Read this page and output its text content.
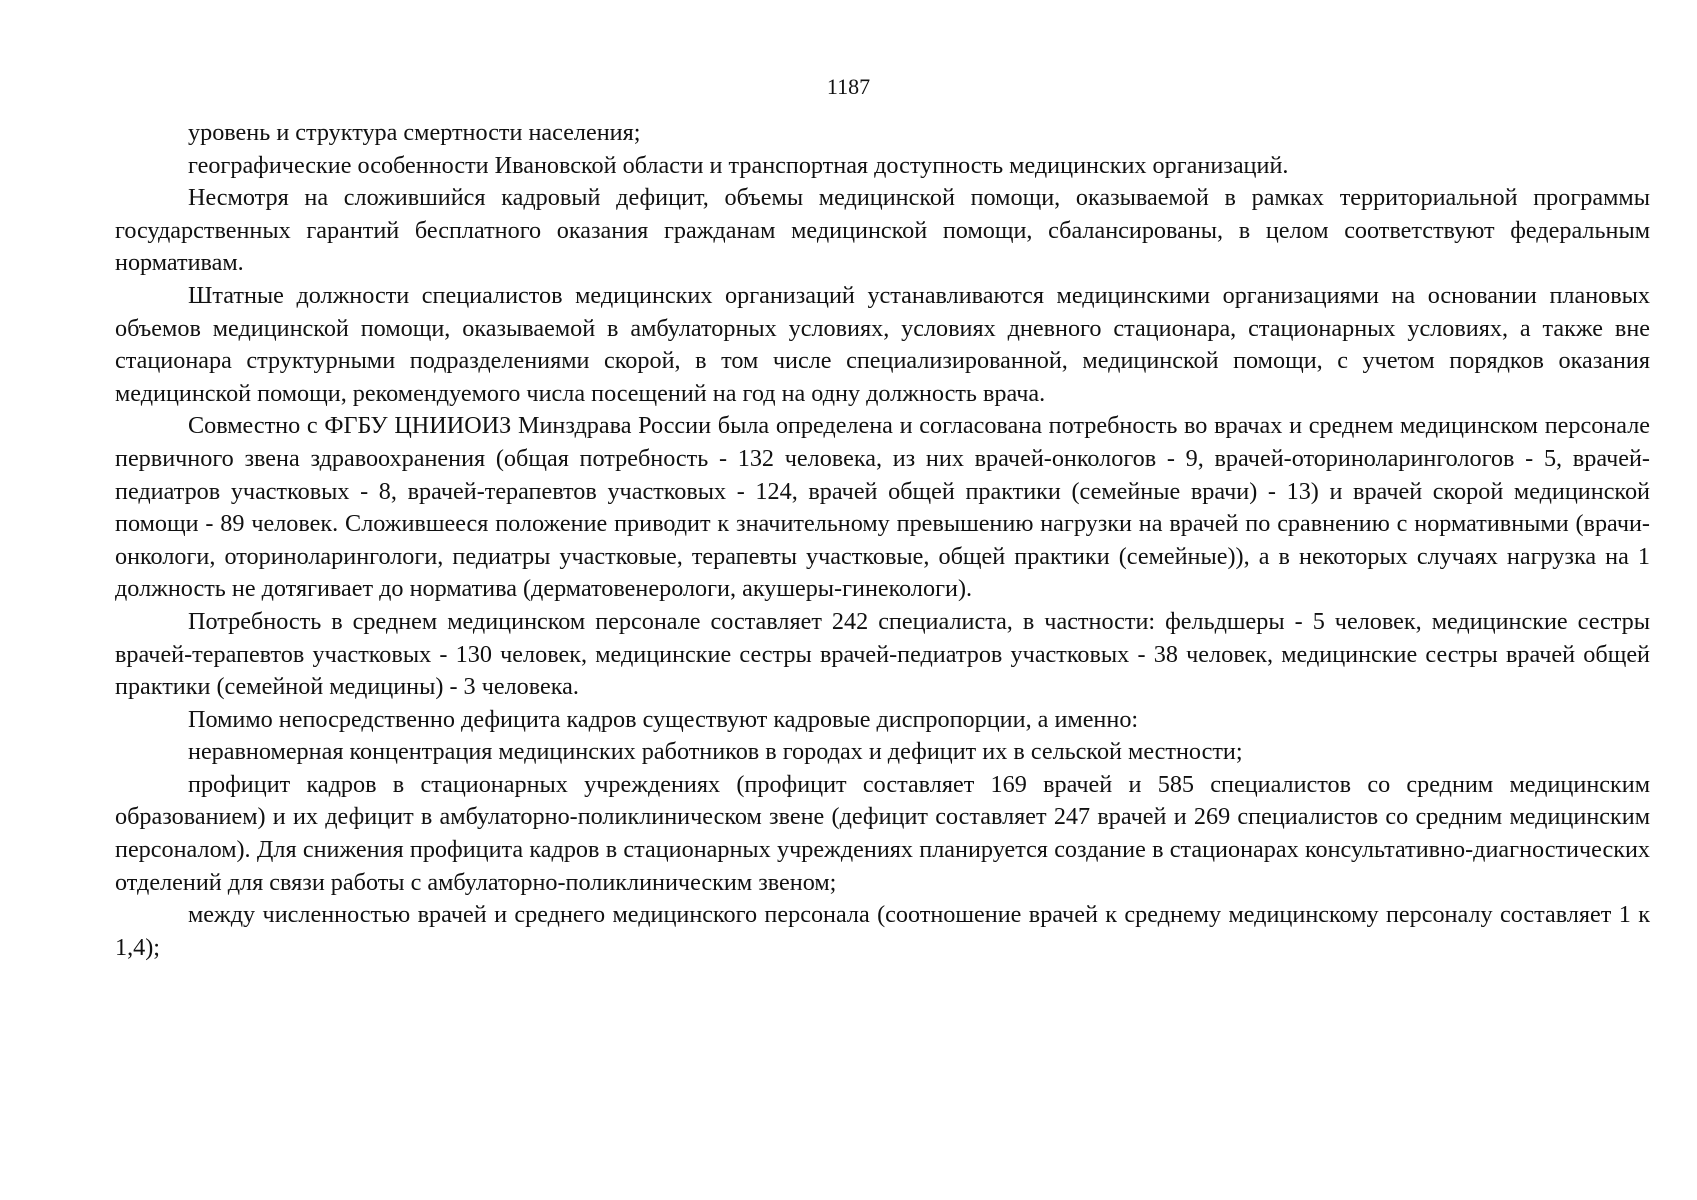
1187

уровень и структура смертности населения;

географические особенности Ивановской области и транспортная доступность медицинских организаций.

Несмотря на сложившийся кадровый дефицит, объемы медицинской помощи, оказываемой в рамках территориальной программы государственных гарантий бесплатного оказания гражданам медицинской помощи, сбалансированы, в целом соответствуют федеральным нормативам.

Штатные должности специалистов медицинских организаций устанавливаются медицинскими организациями на основании плановых объемов медицинской помощи, оказываемой в амбулаторных условиях, условиях дневного стационара, стационарных условиях, а также вне стационара структурными подразделениями скорой, в том числе специализированной, медицинской помощи, с учетом порядков оказания медицинской помощи, рекомендуемого числа посещений на год на одну должность врача.

Совместно с ФГБУ ЦНИИОИЗ Минздрава России была определена и согласована потребность во врачах и среднем медицинском персонале первичного звена здравоохранения (общая потребность - 132 человека, из них врачей-онкологов - 9, врачей-оториноларингологов - 5, врачей-педиатров участковых - 8, врачей-терапевтов участковых - 124, врачей общей практики (семейные врачи) - 13) и врачей скорой медицинской помощи - 89 человек. Сложившееся положение приводит к значительному превышению нагрузки на врачей по сравнению с нормативными (врачи-онкологи, оториноларингологи, педиатры участковые, терапевты участковые, общей практики (семейные)), а в некоторых случаях нагрузка на 1 должность не дотягивает до норматива (дерматовенерологи, акушеры-гинекологи).

Потребность в среднем медицинском персонале составляет 242 специалиста, в частности: фельдшеры - 5 человек, медицинские сестры врачей-терапевтов участковых - 130 человек, медицинские сестры врачей-педиатров участковых - 38 человек, медицинские сестры врачей общей практики (семейной медицины) - 3 человека.

Помимо непосредственно дефицита кадров существуют кадровые диспропорции, а именно:

неравномерная концентрация медицинских работников в городах и дефицит их в сельской местности;

профицит кадров в стационарных учреждениях (профицит составляет 169 врачей и 585 специалистов со средним медицинским образованием) и их дефицит в амбулаторно-поликлиническом звене (дефицит составляет 247 врачей и 269 специалистов со средним медицинским персоналом). Для снижения профицита кадров в стационарных учреждениях планируется создание в стационарах консультативно-диагностических отделений для связи работы с амбулаторно-поликлиническим звеном;

между численностью врачей и среднего медицинского персонала (соотношение врачей к среднему медицинскому персоналу составляет 1 к 1,4);
